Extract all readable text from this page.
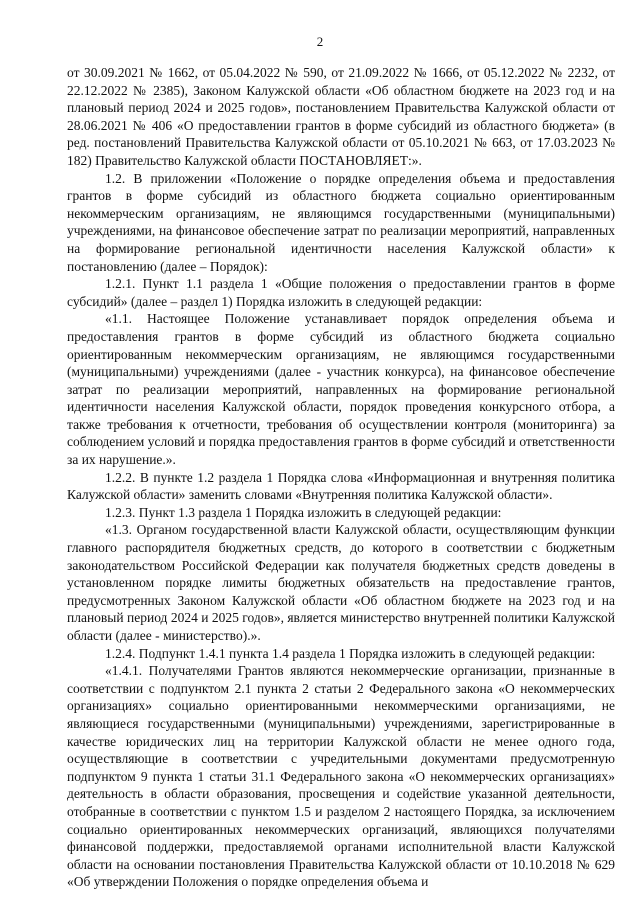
2

от 30.09.2021 № 1662, от 05.04.2022 № 590, от 21.09.2022 № 1666, от 05.12.2022 № 2232, от 22.12.2022 № 2385), Законом Калужской области «Об областном бюджете на 2023 год и на плановый период 2024 и 2025 годов», постановлением Правительства Калужской области от 28.06.2021 № 406 «О предоставлении грантов в форме субсидий из областного бюджета» (в ред. постановлений Правительства Калужской области от 05.10.2021 № 663, от 17.03.2023 № 182) Правительство Калужской области ПОСТАНОВЛЯЕТ:».

1.2. В приложении «Положение о порядке определения объема и предоставления грантов в форме субсидий из областного бюджета социально ориентированным некоммерческим организациям, не являющимся государственными (муниципальными) учреждениями, на финансовое обеспечение затрат по реализации мероприятий, направленных на формирование региональной идентичности населения Калужской области» к постановлению (далее – Порядок):

1.2.1. Пункт 1.1 раздела 1 «Общие положения о предоставлении грантов в форме субсидий» (далее – раздел 1) Порядка изложить в следующей редакции:

«1.1. Настоящее Положение устанавливает порядок определения объема и предоставления грантов в форме субсидий из областного бюджета социально ориентированным некоммерческим организациям, не являющимся государственными (муниципальными) учреждениями (далее - участник конкурса), на финансовое обеспечение затрат по реализации мероприятий, направленных на формирование региональной идентичности населения Калужской области, порядок проведения конкурсного отбора, а также требования к отчетности, требования об осуществлении контроля (мониторинга) за соблюдением условий и порядка предоставления грантов в форме субсидий и ответственности за их нарушение.».

1.2.2. В пункте 1.2 раздела 1 Порядка слова «Информационная и внутренняя политика Калужской области» заменить словами «Внутренняя политика Калужской области».

1.2.3. Пункт 1.3 раздела 1 Порядка изложить в следующей редакции:

«1.3. Органом государственной власти Калужской области, осуществляющим функции главного распорядителя бюджетных средств, до которого в соответствии с бюджетным законодательством Российской Федерации как получателя бюджетных средств доведены в установленном порядке лимиты бюджетных обязательств на предоставление грантов, предусмотренных Законом Калужской области «Об областном бюджете на 2023 год и на плановый период 2024 и 2025 годов», является министерство внутренней политики Калужской области (далее - министерство).».

1.2.4. Подпункт 1.4.1 пункта 1.4 раздела 1 Порядка изложить в следующей редакции:

«1.4.1. Получателями Грантов являются некоммерческие организации, признанные в соответствии с подпунктом 2.1 пункта 2 статьи 2 Федерального закона «О некоммерческих организациях» социально ориентированными некоммерческими организациями, не являющиеся государственными (муниципальными) учреждениями, зарегистрированные в качестве юридических лиц на территории Калужской области не менее одного года, осуществляющие в соответствии с учредительными документами предусмотренную подпунктом 9 пункта 1 статьи 31.1 Федерального закона «О некоммерческих организациях» деятельность в области образования, просвещения и содействие указанной деятельности, отобранные в соответствии с пунктом 1.5 и разделом 2 настоящего Порядка, за исключением социально ориентированных некоммерческих организаций, являющихся получателями финансовой поддержки, предоставляемой органами исполнительной власти Калужской области на основании постановления Правительства Калужской области от 10.10.2018 № 629 «Об утверждении Положения о порядке определения объема и
